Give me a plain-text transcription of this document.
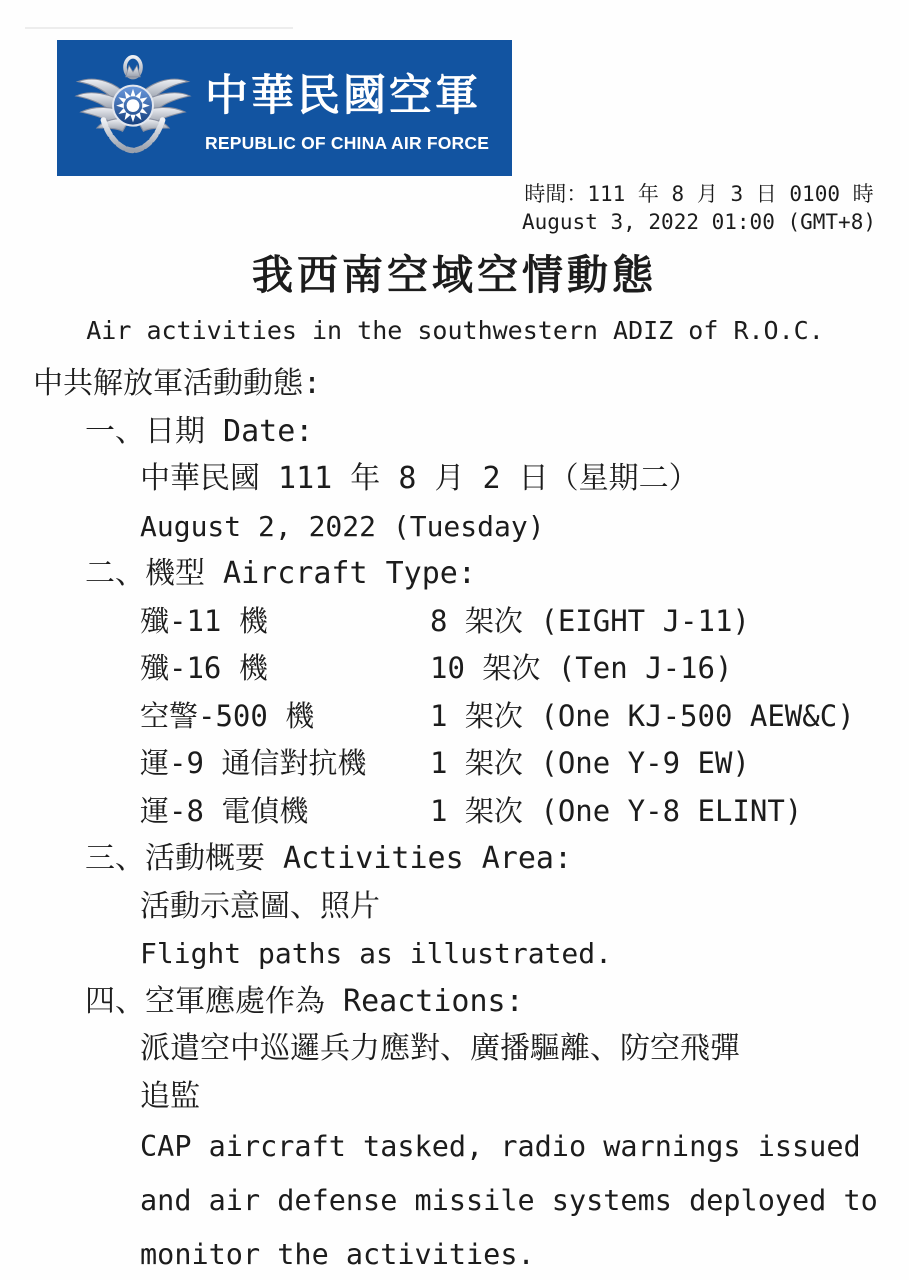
中華民國空軍
REPUBLIC OF CHINA AIR FORCE
時間：111 年 8 月 3 日 0100 時
August 3, 2022 01:00 (GMT+8)
我西南空域空情動態
Air activities in the southwestern ADIZ of R.O.C.
中共解放軍活動動態:
一、日期 Date:
中華民國 111 年 8 月 2 日（星期二）
August 2, 2022 (Tuesday)
二、機型 Aircraft Type:
殲-11 機	8 架次 (EIGHT J-11)
殲-16 機	10 架次 (Ten J-16)
空警-500 機	1 架次 (One KJ-500 AEW&C)
運-9 通信對抗機	1 架次 (One Y-9 EW)
運-8 電偵機	1 架次 (One Y-8 ELINT)
三、活動概要 Activities Area:
活動示意圖、照片
Flight paths as illustrated.
四、空軍應處作為 Reactions:
派遣空中巡邏兵力應對、廣播驅離、防空飛彈
追監
CAP aircraft tasked, radio warnings issued
and air defense missile systems deployed to
monitor the activities.
